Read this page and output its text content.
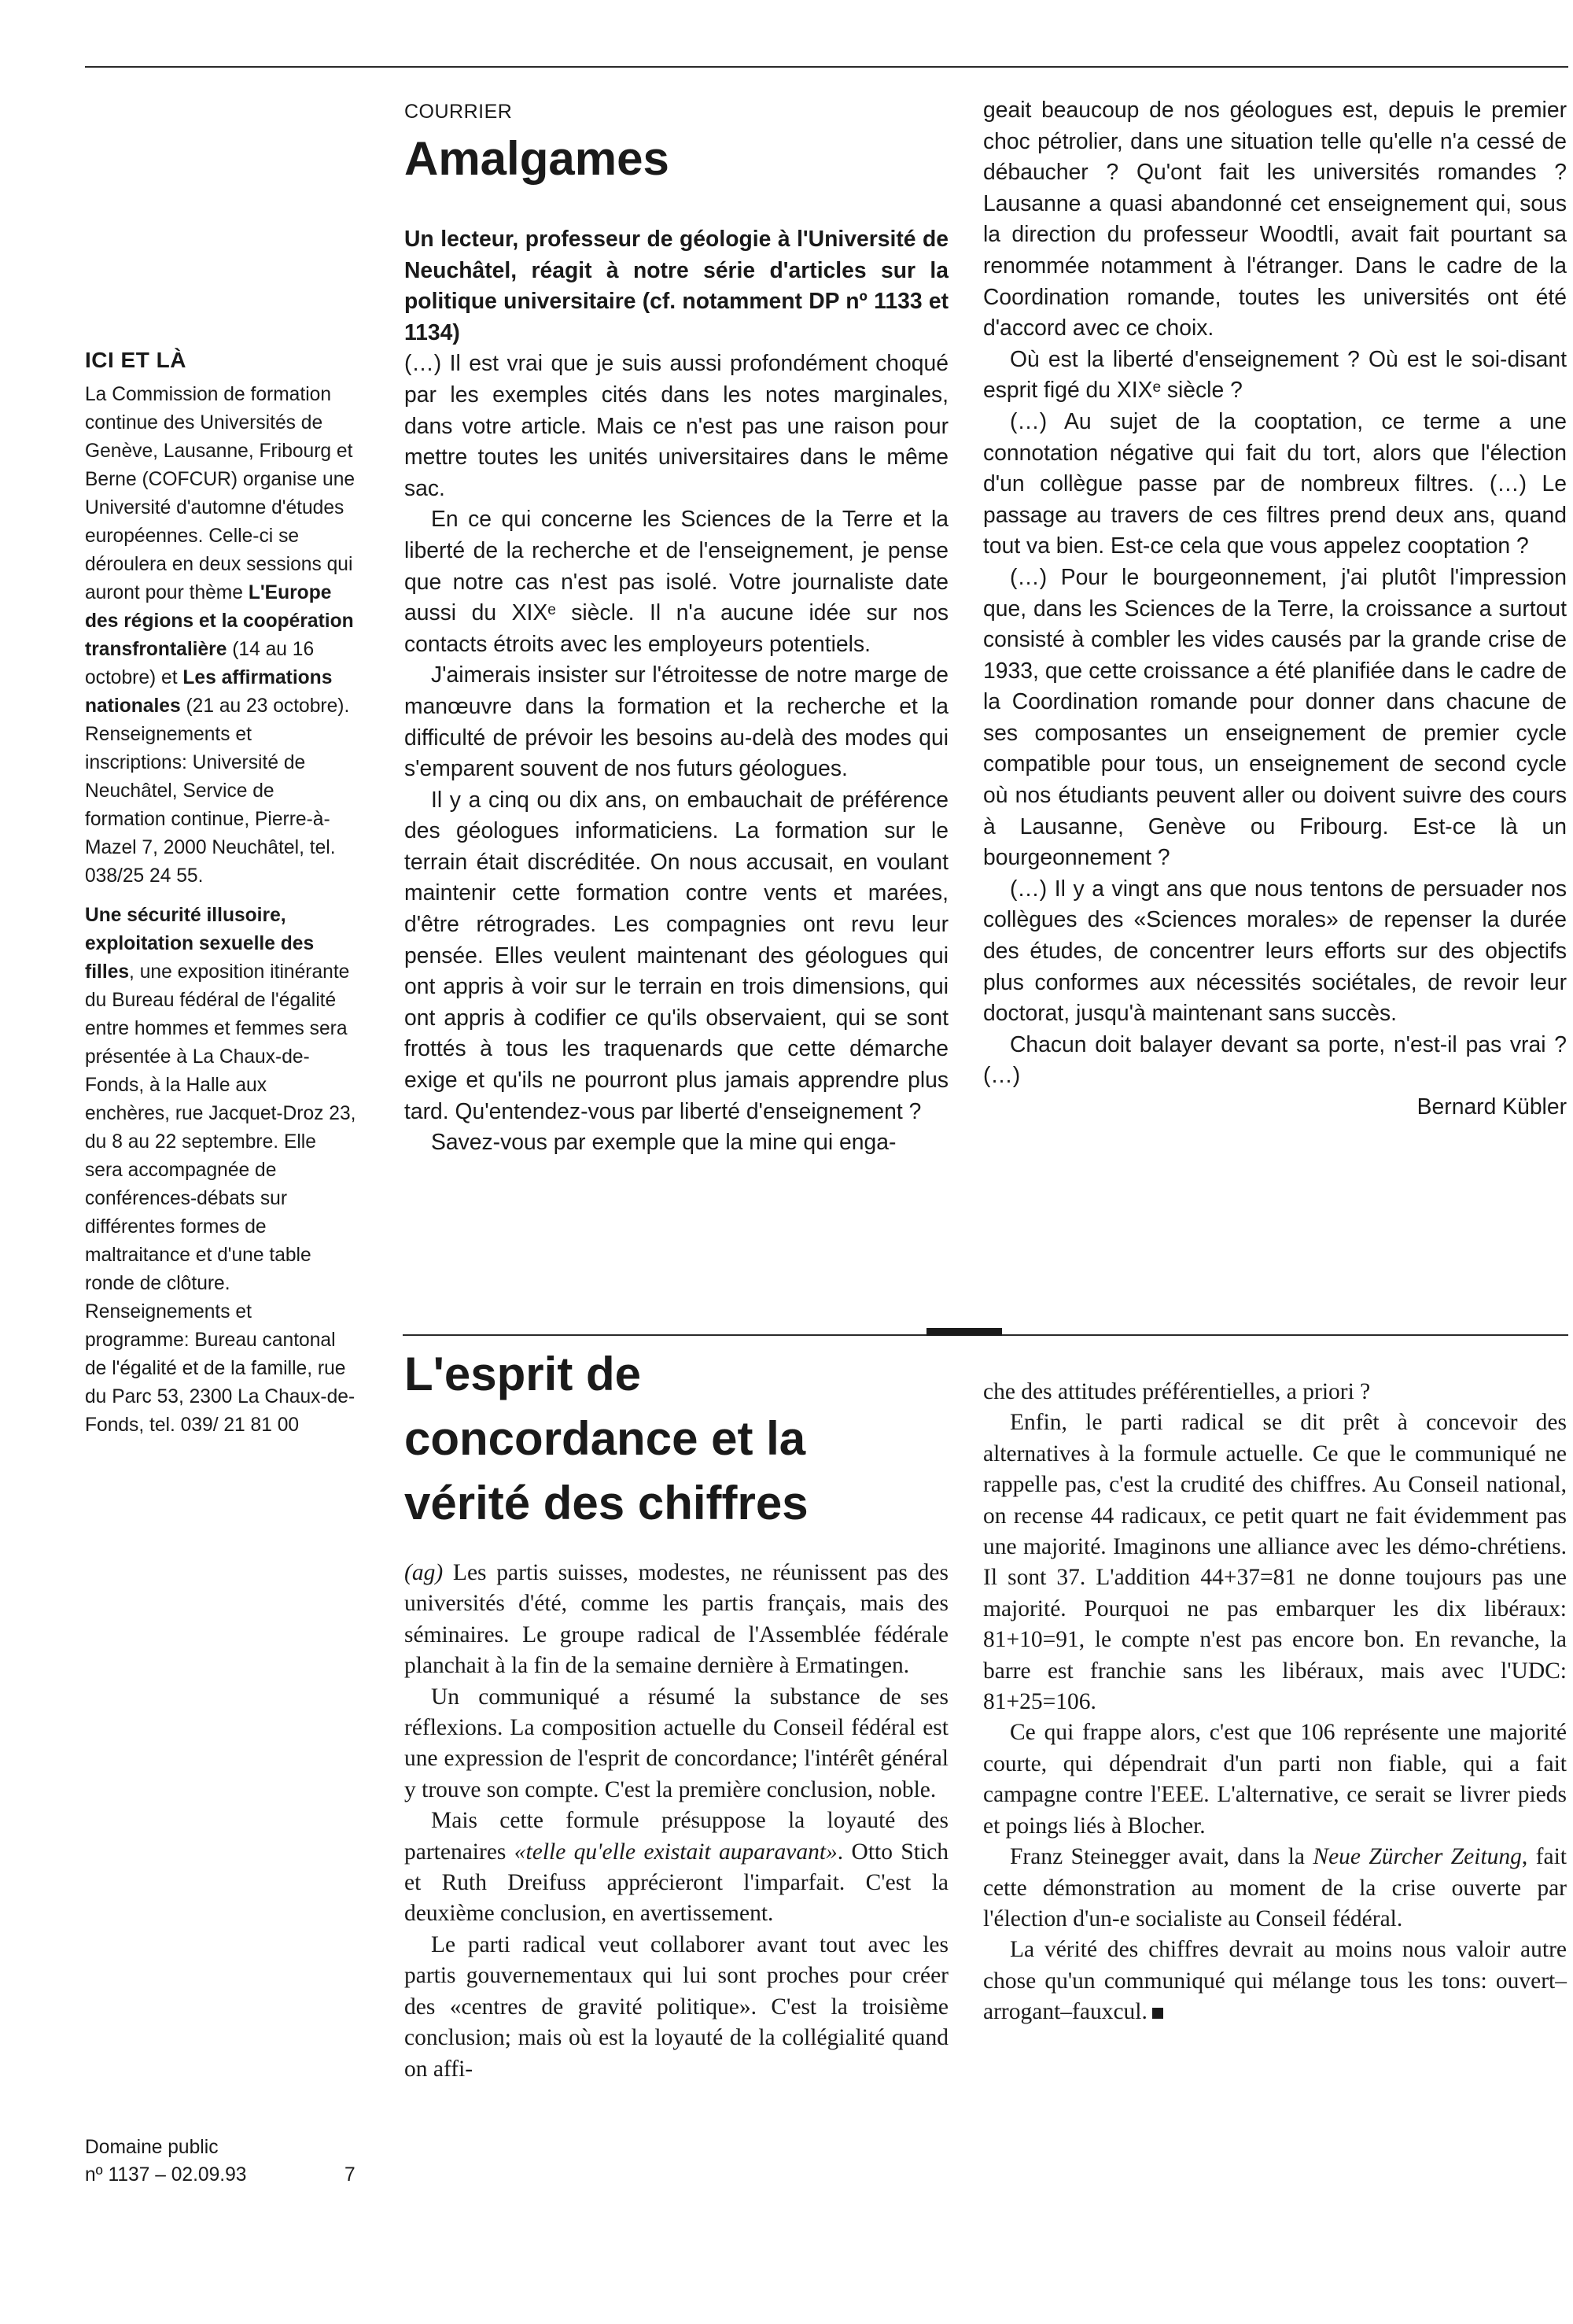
ICI ET LÀ

La Commission de formation continue des Universités de Genève, Lausanne, Fribourg et Berne (COFCUR) organise une Université d'automne d'études européennes. Celle-ci se déroulera en deux sessions qui auront pour thème L'Europe des régions et la coopération transfrontalière (14 au 16 octobre) et Les affirmations nationales (21 au 23 octobre). Renseignements et inscriptions: Université de Neuchâtel, Service de formation continue, Pierre-à-Mazel 7, 2000 Neuchâtel, tel. 038/25 24 55.

Une sécurité illusoire, exploitation sexuelle des filles, une exposition itinérante du Bureau fédéral de l'égalité entre hommes et femmes sera présentée à La Chaux-de-Fonds, à la Halle aux enchères, rue Jacquet-Droz 23, du 8 au 22 septembre. Elle sera accompagnée de conférences-débats sur différentes formes de maltraitance et d'une table ronde de clôture. Renseignements et programme: Bureau cantonal de l'égalité et de la famille, rue du Parc 53, 2300 La Chaux-de-Fonds, tel. 039/ 21 81 00

Domaine public
nº 1137 – 02.09.93	7
COURRIER
Amalgames

Un lecteur, professeur de géologie à l'Université de Neuchâtel, réagit à notre série d'articles sur la politique universitaire (cf. notamment DP nº 1133 et 1134)

(…) Il est vrai que je suis aussi profondément choqué par les exemples cités dans les notes marginales, dans votre article. Mais ce n'est pas une raison pour mettre toutes les unités universitaires dans le même sac.

En ce qui concerne les Sciences de la Terre et la liberté de la recherche et de l'enseignement, je pense que notre cas n'est pas isolé. Votre journaliste date aussi du XIXᵉ siècle. Il n'a aucune idée sur nos contacts étroits avec les employeurs potentiels.

J'aimerais insister sur l'étroitesse de notre marge de manœuvre dans la formation et la recherche et la difficulté de prévoir les besoins au-delà des modes qui s'emparent souvent de nos futurs géologues.

Il y a cinq ou dix ans, on embauchait de préférence des géologues informaticiens. La formation sur le terrain était discréditée. On nous accusait, en voulant maintenir cette formation contre vents et marées, d'être rétrogrades. Les compagnies ont revu leur pensée. Elles veulent maintenant des géologues qui ont appris à voir sur le terrain en trois dimensions, qui ont appris à codifier ce qu'ils observaient, qui se sont frottés à tous les traquenards que cette démarche exige et qu'ils ne pourront plus jamais apprendre plus tard. Qu'entendez-vous par liberté d'enseignement ?

Savez-vous par exemple que la mine qui enga-

geait beaucoup de nos géologues est, depuis le premier choc pétrolier, dans une situation telle qu'elle n'a cessé de débaucher ? Qu'ont fait les universités romandes ? Lausanne a quasi abandonné cet enseignement qui, sous la direction du professeur Woodtli, avait fait pourtant sa renommée notamment à l'étranger. Dans le cadre de la Coordination romande, toutes les universités ont été d'accord avec ce choix.

Où est la liberté d'enseignement ? Où est le soi-disant esprit figé du XIXᵉ siècle ?

(…) Au sujet de la cooptation, ce terme a une connotation négative qui fait du tort, alors que l'élection d'un collègue passe par de nombreux filtres. (…) Le passage au travers de ces filtres prend deux ans, quand tout va bien. Est-ce cela que vous appelez cooptation ?

(…) Pour le bourgeonnement, j'ai plutôt l'impression que, dans les Sciences de la Terre, la croissance a surtout consisté à combler les vides causés par la grande crise de 1933, que cette croissance a été planifiée dans le cadre de la Coordination romande pour donner dans chacune de ses composantes un enseignement de premier cycle compatible pour tous, un enseignement de second cycle où nos étudiants peuvent aller ou doivent suivre des cours à Lausanne, Genève ou Fribourg. Est-ce là un bourgeonnement ?

(…) Il y a vingt ans que nous tentons de persuader nos collègues des «Sciences morales» de repenser la durée des études, de concentrer leurs efforts sur des objectifs plus conformes aux nécessités sociétales, de revoir leur doctorat, jusqu'à maintenant sans succès.

Chacun doit balayer devant sa porte, n'est-il pas vrai ? (…)

Bernard Kübler

L'esprit de
concordance et la
vérité des chiffres

(ag) Les partis suisses, modestes, ne réunissent pas des universités d'été, comme les partis français, mais des séminaires. Le groupe radical de l'Assemblée fédérale planchait à la fin de la semaine dernière à Ermatingen.

Un communiqué a résumé la substance de ses réflexions. La composition actuelle du Conseil fédéral est une expression de l'esprit de concordance; l'intérêt général y trouve son compte. C'est la première conclusion, noble.

Mais cette formule présuppose la loyauté des partenaires «telle qu'elle existait auparavant». Otto Stich et Ruth Dreifuss apprécieront l'imparfait. C'est la deuxième conclusion, en avertissement.

Le parti radical veut collaborer avant tout avec les partis gouvernementaux qui lui sont proches pour créer des «centres de gravité politique». C'est la troisième conclusion; mais où est la loyauté de la collégialité quand on affi-

che des attitudes préférentielles, a priori ?

Enfin, le parti radical se dit prêt à concevoir des alternatives à la formule actuelle. Ce que le communiqué ne rappelle pas, c'est la crudité des chiffres. Au Conseil national, on recense 44 radicaux, ce petit quart ne fait évidemment pas une majorité. Imaginons une alliance avec les démo-chrétiens. Il sont 37. L'addition 44+37=81 ne donne toujours pas une majorité. Pourquoi ne pas embarquer les dix libéraux: 81+10=91, le compte n'est pas encore bon. En revanche, la barre est franchie sans les libéraux, mais avec l'UDC: 81+25=106.

Ce qui frappe alors, c'est que 106 représente une majorité courte, qui dépendrait d'un parti non fiable, qui a fait campagne contre l'EEE. L'alternative, ce serait se livrer pieds et poings liés à Blocher.

Franz Steinegger avait, dans la Neue Zürcher Zeitung, fait cette démonstration au moment de la crise ouverte par l'élection d'un-e socialiste au Conseil fédéral.

La vérité des chiffres devrait au moins nous valoir autre chose qu'un communiqué qui mélange tous les tons: ouvert–arrogant–fauxcul.
